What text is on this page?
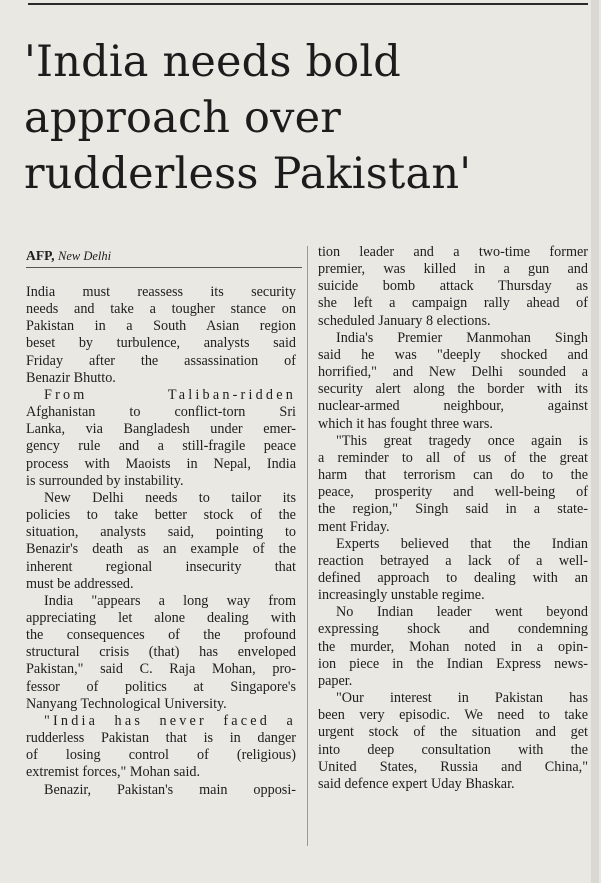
'India needs bold
approach over
rudderless Pakistan'
AFP, New Delhi
India must reassess its security
needs and take a tougher stance on
Pakistan in a South Asian region
beset by turbulence, analysts said
Friday after the assassination of
Benazir Bhutto.
From Taliban-ridden
Afghanistan to conflict-torn Sri
Lanka, via Bangladesh under emer-
gency rule and a still-fragile peace
process with Maoists in Nepal, India
is surrounded by instability.
New Delhi needs to tailor its
policies to take better stock of the
situation, analysts said, pointing to
Benazir's death as an example of the
inherent regional insecurity that
must be addressed.
India "appears a long way from
appreciating let alone dealing with
the consequences of the profound
structural crisis (that) has enveloped
Pakistan," said C. Raja Mohan, pro-
fessor of politics at Singapore's
Nanyang Technological University.
"India has never faced a
rudderless Pakistan that is in danger
of losing control of (religious)
extremist forces," Mohan said.
Benazir, Pakistan's main opposi-
tion leader and a two-time former
premier, was killed in a gun and
suicide bomb attack Thursday as
she left a campaign rally ahead of
scheduled January 8 elections.
India's Premier Manmohan Singh
said he was "deeply shocked and
horrified," and New Delhi sounded a
security alert along the border with its
nuclear-armed neighbour, against
which it has fought three wars.
"This great tragedy once again is
a reminder to all of us of the great
harm that terrorism can do to the
peace, prosperity and well-being of
the region," Singh said in a state-
ment Friday.
Experts believed that the Indian
reaction betrayed a lack of a well-
defined approach to dealing with an
increasingly unstable regime.
No Indian leader went beyond
expressing shock and condemning
the murder, Mohan noted in a opin-
ion piece in the Indian Express news-
paper.
"Our interest in Pakistan has
been very episodic. We need to take
urgent stock of the situation and get
into deep consultation with the
United States, Russia and China,"
said defence expert Uday Bhaskar.
